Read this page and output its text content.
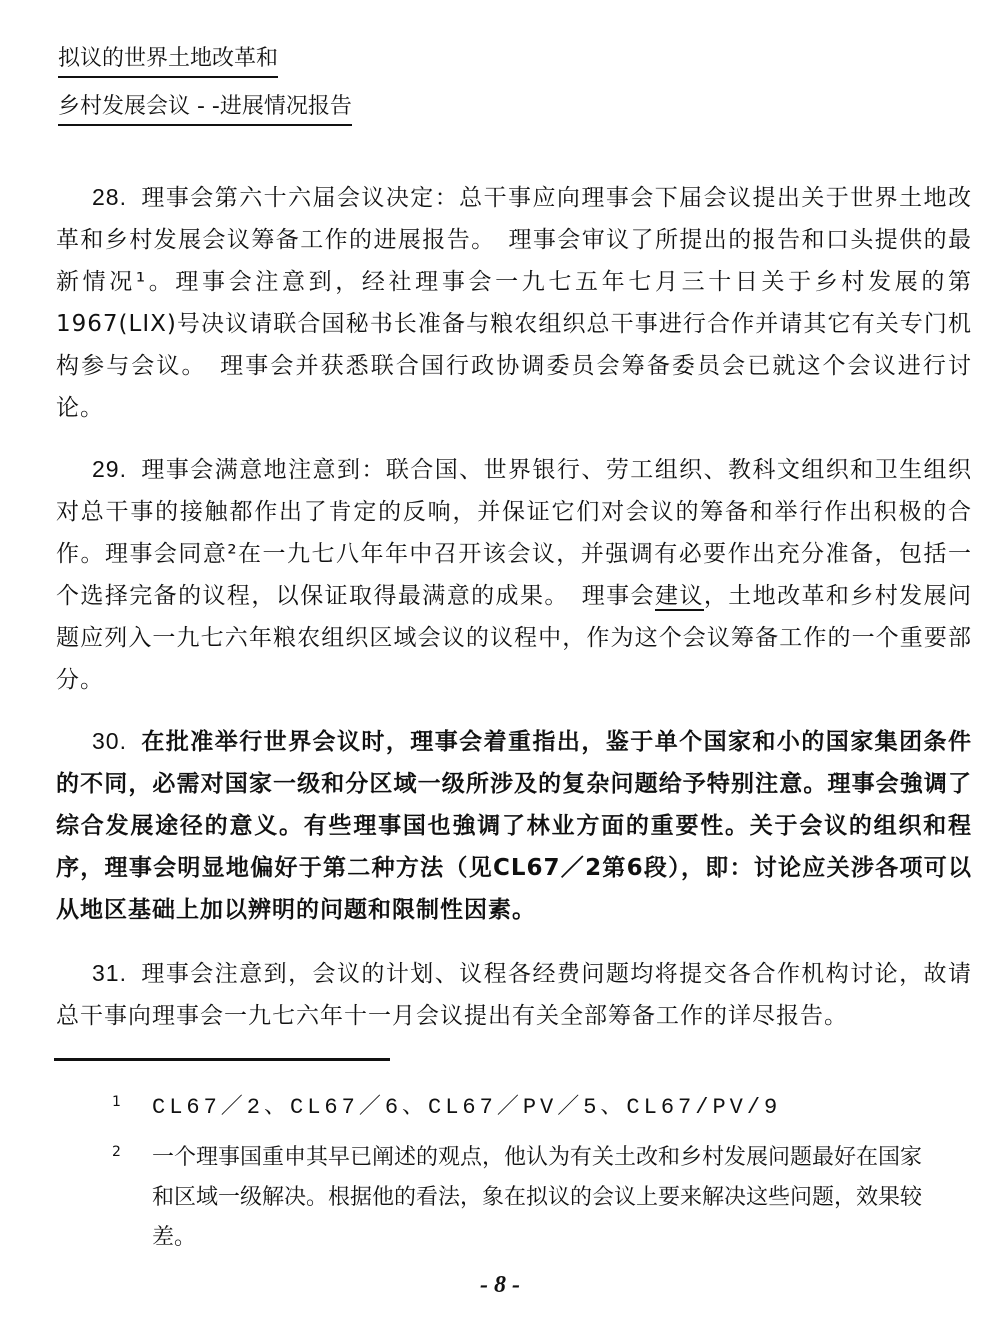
拟议的世界土地改革和
乡村发展会议 - -进展情况报告
28. 理事会第六十六届会议决定：总干事应向理事会下届会议提出关于世界土地改革和乡村发展会议筹备工作的进展报告。　理事会审议了所提出的报告和口头提供的最新情况¹。理事会注意到，经社理事会一九七五年七月三十日关于乡村发展的第1967(LIX)号决议请联合国秘书长准备与粮农组织总干事进行合作并请其它有关专门机构参与会议。　理事会并获悉联合国行政协调委员会筹备委员会已就这个会议进行讨论。
29. 理事会满意地注意到：联合国、世界银行、劳工组织、教科文组织和卫生组织对总干事的接触都作出了肯定的反响，并保证它们对会议的筹备和举行作出积极的合作。理事会同意²在一九七八年年中召开该会议，并强调有必要作出充分准备，包括一个选择完备的议程，以保证取得最满意的成果。　理事会建议，土地改革和乡村发展问题应列入一九七六年粮农组织区域会议的议程中，作为这个会议筹备工作的一个重要部分。
30. 在批准举行世界会议时，理事会着重指出，鉴于单个国家和小的国家集团条件的不同，必需对国家一级和分区域一级所涉及的复杂问题给予特别注意。理事会強调了综合发展途径的意义。有些理事国也強调了林业方面的重要性。关于会议的组织和程序，理事会明显地偏好于第二种方法（见CL67／2第6段），即：讨论应关涉各项可以从地区基础上加以辨明的问题和限制性因素。
31. 理事会注意到，会议的计划、议程各经费问题均将提交各合作机构讨论，故请总干事向理事会一九七六年十一月会议提出有关全部筹备工作的详尽报告。
1 CL67／2、CL67／6、CL67／PV／5、CL67/PV/9
2 一个理事国重申其早已阐述的观点，他认为有关土改和乡村发展问题最好在国家和区域一级解决。根据他的看法，象在拟议的会议上要来解决这些问题，效果较差。
- 8 -
